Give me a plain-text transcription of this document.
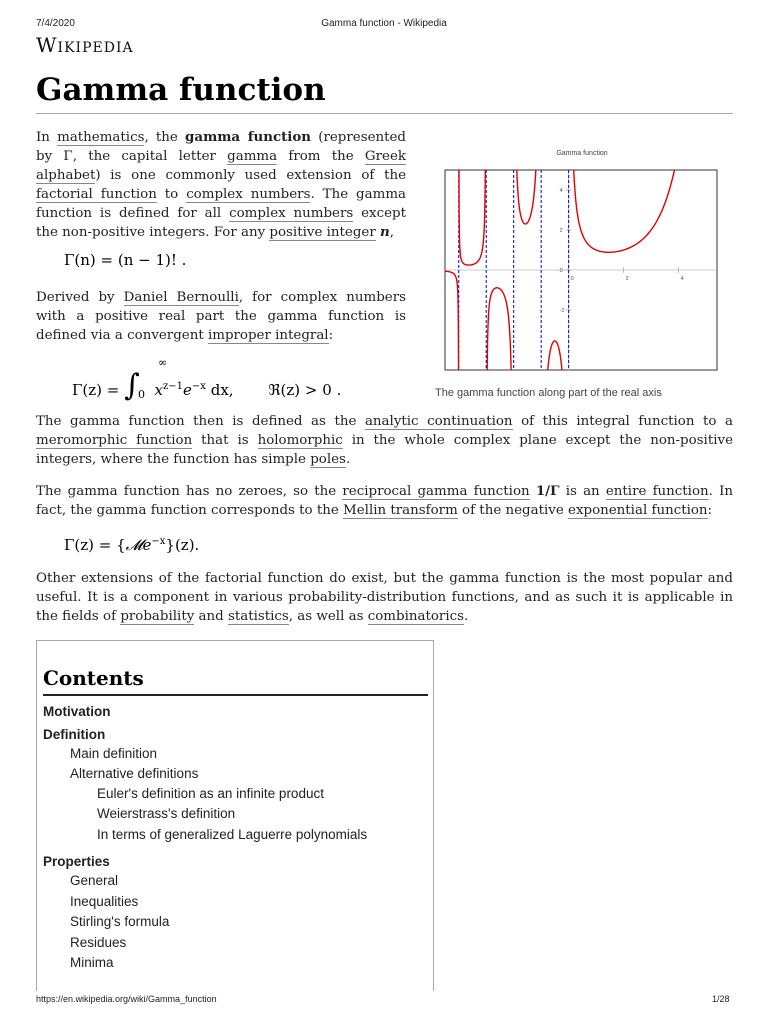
7/4/2020	Gamma function - Wikipedia
Wikipedia
Gamma function

In mathematics, the gamma function (represented by Γ, the capital letter gamma from the Greek alphabet) is one commonly used extension of the factorial function to complex numbers. The gamma function is defined for all complex numbers except the non-positive integers. For any positive integer n,

Γ(n) = (n − 1)! .

Derived by Daniel Bernoulli, for complex numbers with a positive real part the gamma function is defined via a convergent improper integral:

Γ(z) = ∫
∞
0 $x^{z-1}e^{-x}$ dx, ℜ(z) > 0 .

The gamma function then is defined as the analytic continuation of this integral function to a meromorphic function that is holomorphic in the whole complex plane except the non-positive integers, where the function has simple poles.

The gamma function has no zeroes, so the reciprocal gamma function 1/Γ is an entire function. In fact, the gamma function corresponds to the Mellin transform of the negative exponential function:

Γ(z) = {𝓜e$^{-x}$}(z).

Other extensions of the factorial function do exist, but the gamma function is the most popular and useful. It is a component in various probability-distribution functions, and as such it is applicable in the fields of probability and statistics, as well as combinatorics.

Gamma function
0	2	4
4
2
0
-2
The gamma function along part of the real axis
Contents
Motivation
Definition
Main definition
Alternative definitions
Euler's definition as an infinite product
Weierstrass's definition
In terms of generalized Laguerre polynomials
Properties
General
Inequalities
Stirling's formula
Residues
Minima
https://en.wikipedia.org/wiki/Gamma_function	1/28
